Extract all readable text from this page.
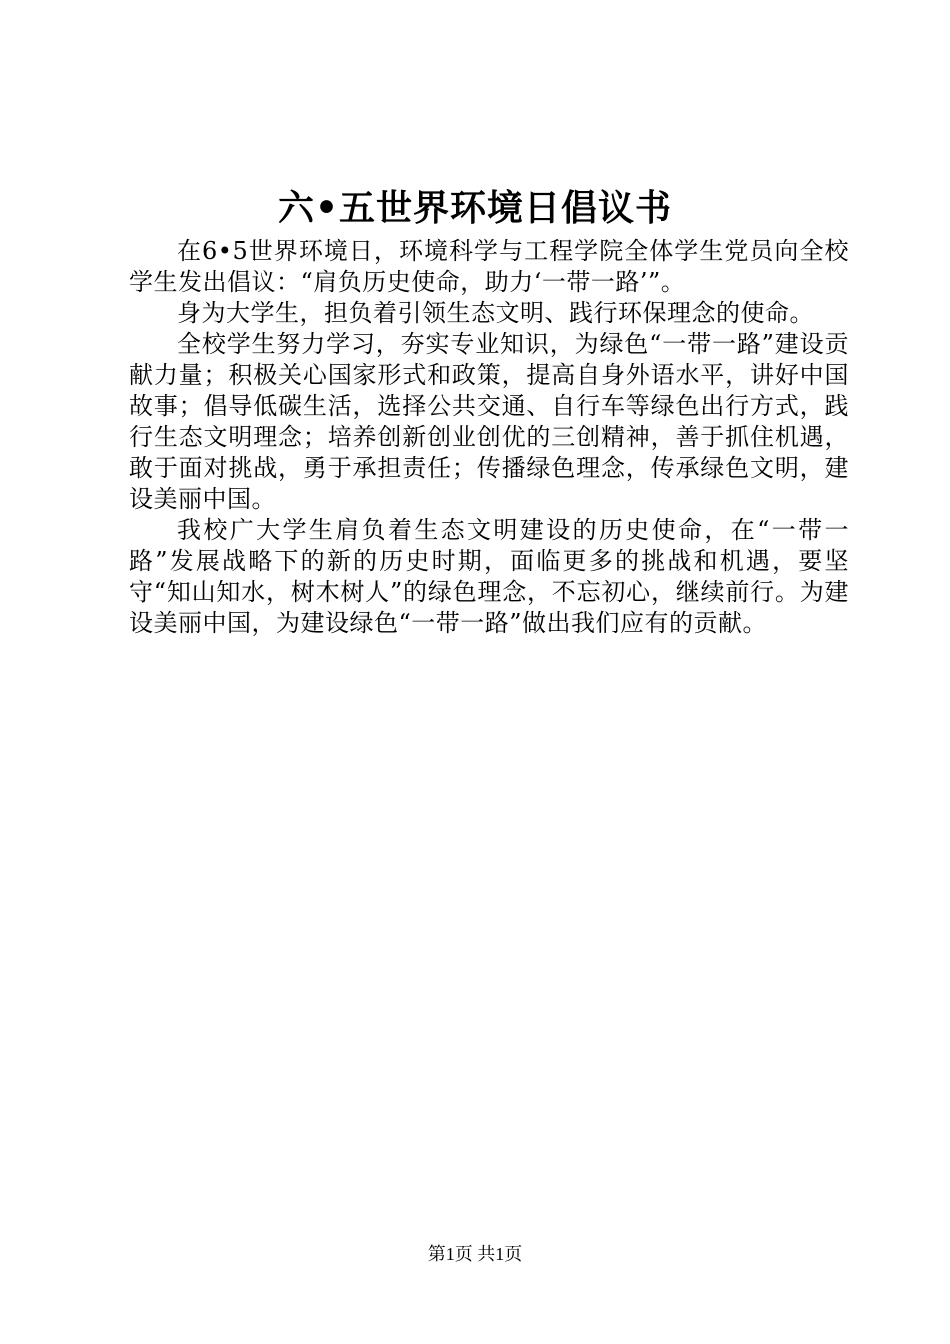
六•五世界环境日倡议书

在6•5世界环境日，环境科学与工程学院全体学生党员向全校学生发出倡议：“肩负历史使命，助力‘一带一路’”。

身为大学生，担负着引领生态文明、践行环保理念的使命。

全校学生努力学习，夯实专业知识，为绿色“一带一路”建设贡献力量；积极关心国家形式和政策，提高自身外语水平，讲好中国故事；倡导低碳生活，选择公共交通、自行车等绿色出行方式，践行生态文明理念；培养创新创业创优的三创精神，善于抓住机遇，敢于面对挑战，勇于承担责任；传播绿色理念，传承绿色文明，建设美丽中国。

我校广大学生肩负着生态文明建设的历史使命，在“一带一路”发展战略下的新的历史时期，面临更多的挑战和机遇，要坚守“知山知水，树木树人”的绿色理念，不忘初心，继续前行。为建设美丽中国，为建设绿色“一带一路”做出我们应有的贡献。

第1页 共1页
